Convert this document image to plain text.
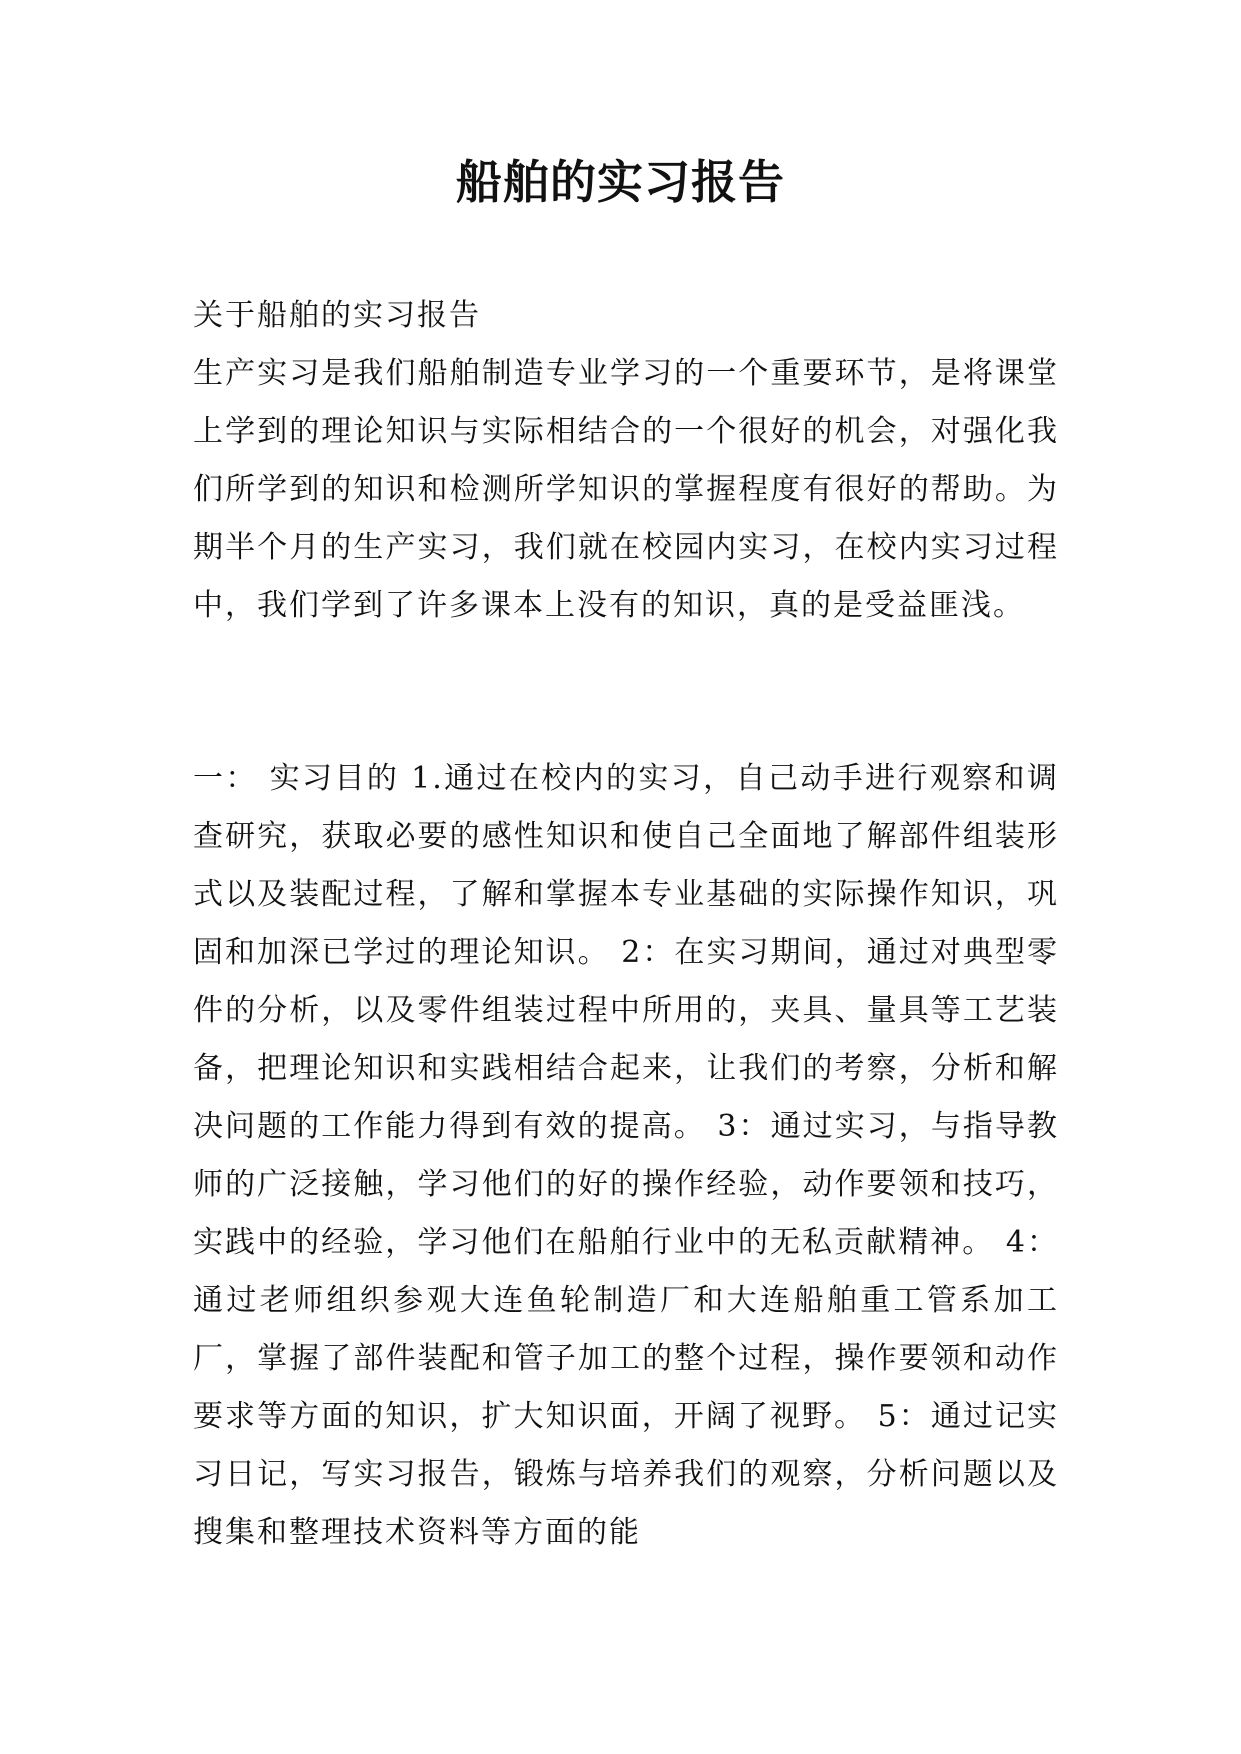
船舶的实习报告

关于船舶的实习报告

生产实习是我们船舶制造专业学习的一个重要环节，是将课堂上学到的理论知识与实际相结合的一个很好的机会，对强化我们所学到的知识和检测所学知识的掌握程度有很好的帮助。为期半个月的生产实习，我们就在校园内实习，在校内实习过程中，我们学到了许多课本上没有的知识，真的是受益匪浅。

一： 实习目的 1.通过在校内的实习，自己动手进行观察和调查研究，获取必要的感性知识和使自己全面地了解部件组装形式以及装配过程，了解和掌握本专业基础的实际操作知识，巩固和加深已学过的理论知识。 2：在实习期间，通过对典型零件的分析，以及零件组装过程中所用的，夹具、量具等工艺装备，把理论知识和实践相结合起来，让我们的考察，分析和解决问题的工作能力得到有效的提高。 3：通过实习，与指导教师的广泛接触，学习他们的好的操作经验，动作要领和技巧，实践中的经验，学习他们在船舶行业中的无私贡献精神。 4：通过老师组织参观大连鱼轮制造厂和大连船舶重工管系加工厂，掌握了部件装配和管子加工的整个过程，操作要领和动作要求等方面的知识，扩大知识面，开阔了视野。 5：通过记实习日记，写实习报告，锻炼与培养我们的观察，分析问题以及搜集和整理技术资料等方面的能
